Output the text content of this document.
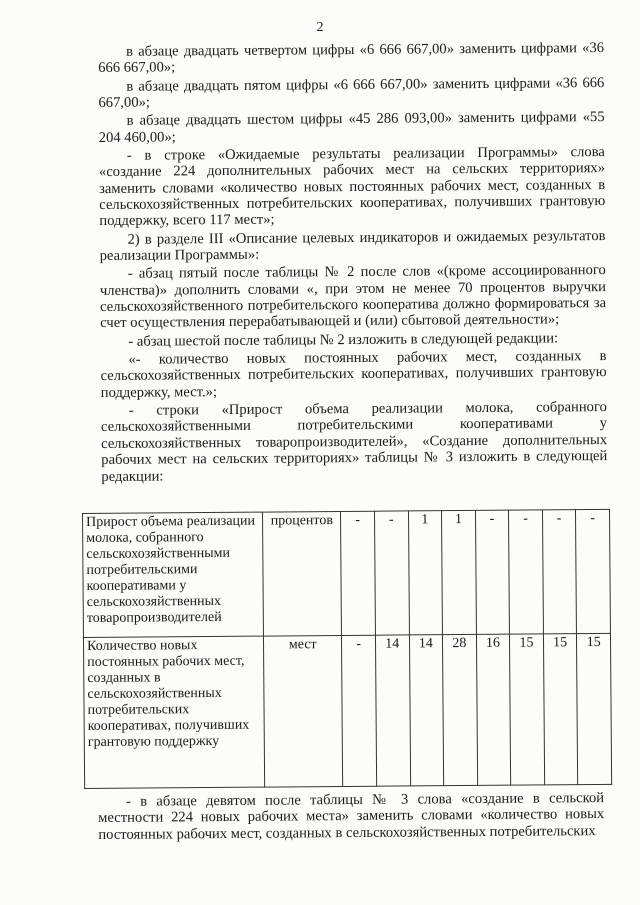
2

в абзаце двадцать четвертом цифры «6 666 667,00» заменить цифрами «36 666 667,00»;

в абзаце двадцать пятом цифры «6 666 667,00» заменить цифрами «36 666 667,00»;

в абзаце двадцать шестом цифры «45 286 093,00» заменить цифрами «55 204 460,00»;

- в строке «Ожидаемые результаты реализации Программы» слова «создание 224 дополнительных рабочих мест на сельских территориях» заменить словами «количество новых постоянных рабочих мест, созданных в сельскохозяйственных потребительских кооперативах, получивших грантовую поддержку, всего 117 мест»;

2) в разделе III «Описание целевых индикаторов и ожидаемых результатов реализации Программы»:

- абзац пятый после таблицы № 2 после слов «(кроме ассоциированного членства)» дополнить словами «, при этом не менее 70 процентов выручки сельскохозяйственного потребительского кооператива должно формироваться за счет осуществления перерабатывающей и (или) сбытовой деятельности»;

- абзац шестой после таблицы № 2 изложить в следующей редакции:

«- количество новых постоянных рабочих мест, созданных в сельскохозяйственных потребительских кооперативах, получивших грантовую поддержку, мест.»;

- строки «Прирост объема реализации молока, собранного сельскохозяйственными потребительскими кооперативами у сельскохозяйственных товаропроизводителей», «Создание дополнительных рабочих мест на сельских территориях» таблицы № 3 изложить в следующей редакции:

Прирост объема реализации молока, собранного сельскохозяйственными потребительскими кооперативами у сельскохозяйственных товаропроизводителей	процентов	-	-	1	1	-	-	-	-
Количество новых постоянных рабочих мест, созданных в сельскохозяйственных потребительских кооперативах, получивших грантовую поддержку	мест	-	14	14	28	16	15	15	15

- в абзаце девятом после таблицы № 3 слова «создание в сельской местности 224 новых рабочих места» заменить словами «количество новых постоянных рабочих мест, созданных в сельскохозяйственных потребительских
